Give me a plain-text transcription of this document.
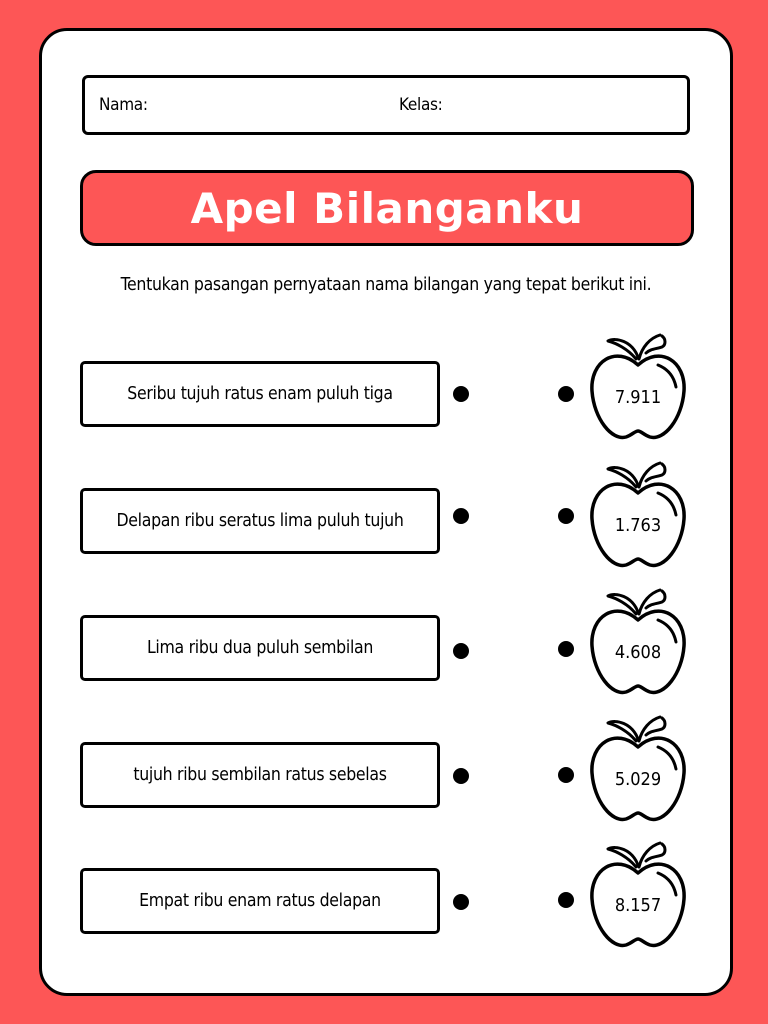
Nama:	Kelas:
Apel Bilanganku
Tentukan pasangan pernyataan nama bilangan yang tepat berikut ini.
Seribu tujuh ratus enam puluh tiga	7.911
Delapan ribu seratus lima puluh tujuh	1.763
Lima ribu dua puluh sembilan	4.608
tujuh ribu sembilan ratus sebelas	5.029
Empat ribu enam ratus delapan	8.157
